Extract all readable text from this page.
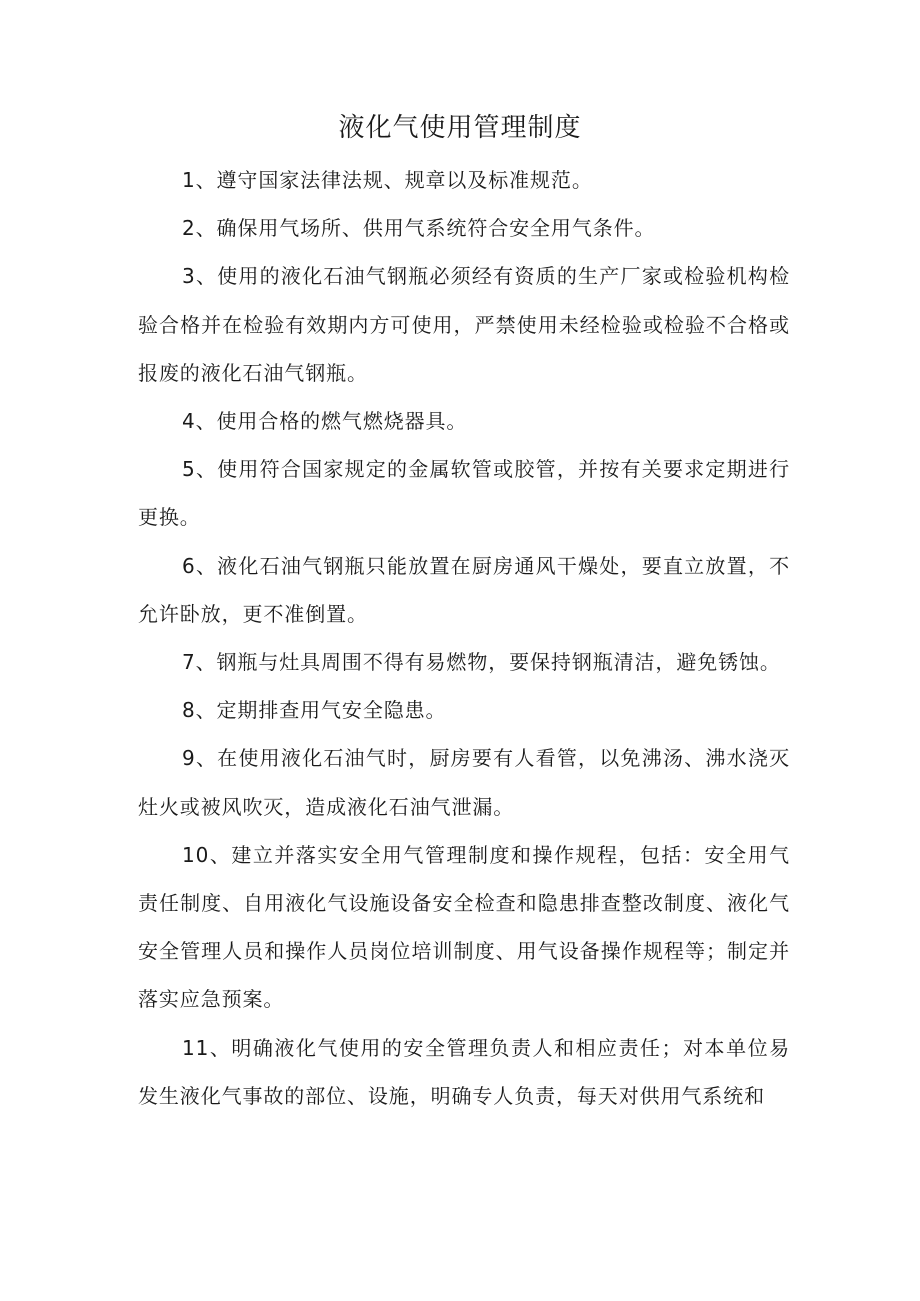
液化气使用管理制度

1、遵守国家法律法规、规章以及标准规范。

2、确保用气场所、供用气系统符合安全用气条件。

3、使用的液化石油气钢瓶必须经有资质的生产厂家或检验机构检验合格并在检验有效期内方可使用，严禁使用未经检验或检验不合格或报废的液化石油气钢瓶。

4、使用合格的燃气燃烧器具。

5、使用符合国家规定的金属软管或胶管，并按有关要求定期进行更换。

6、液化石油气钢瓶只能放置在厨房通风干燥处，要直立放置，不允许卧放，更不准倒置。

7、钢瓶与灶具周围不得有易燃物，要保持钢瓶清洁，避免锈蚀。

8、定期排查用气安全隐患。

9、在使用液化石油气时，厨房要有人看管，以免沸汤、沸水浇灭灶火或被风吹灭，造成液化石油气泄漏。

10、建立并落实安全用气管理制度和操作规程，包括：安全用气责任制度、自用液化气设施设备安全检查和隐患排查整改制度、液化气安全管理人员和操作人员岗位培训制度、用气设备操作规程等；制定并落实应急预案。

11、明确液化气使用的安全管理负责人和相应责任；对本单位易发生液化气事故的部位、设施，明确专人负责，每天对供用气系统和
